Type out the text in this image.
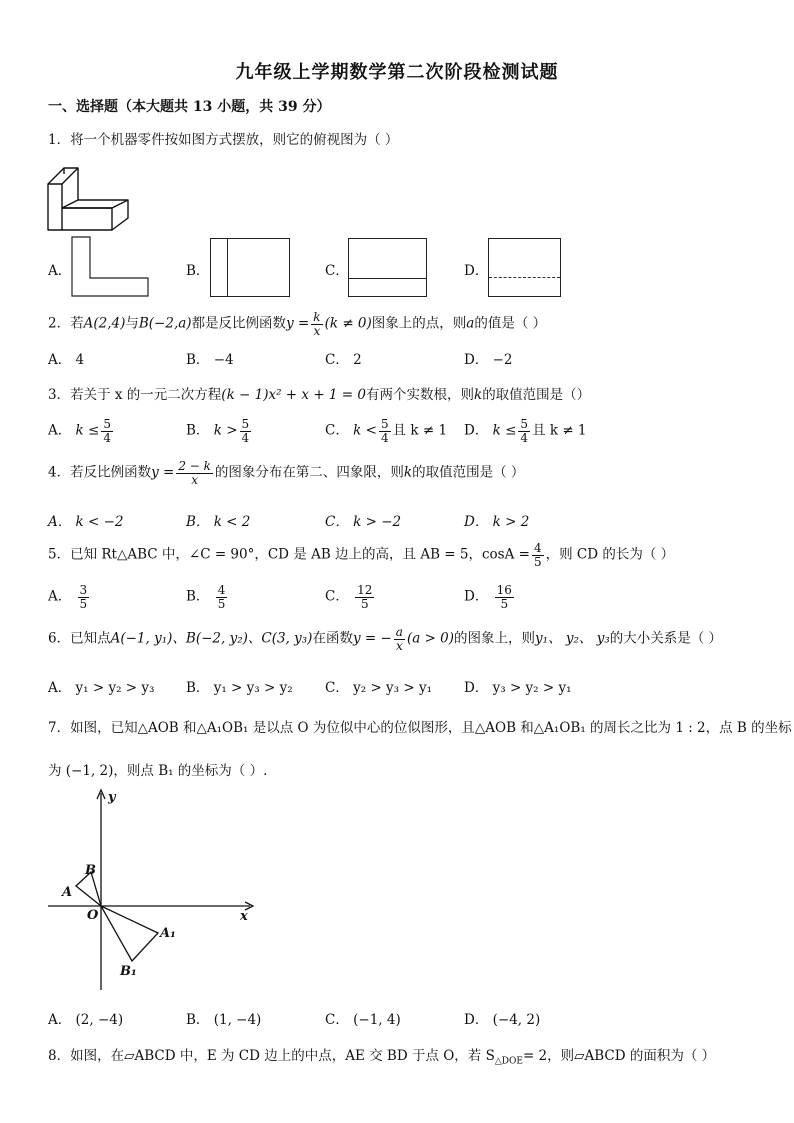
九年级上学期数学第二次阶段检测试题
一、选择题（本大题共 13 小题，共 39 分）
1．将一个机器零件按如图方式摆放，则它的俯视图为（ ）
A．	B．	C．	D．
2．若A(2,4)与B(−2,a)都是反比例函数$y = \frac{k}{x} (k \ne 0)$图象上的点，则a的值是（ ）
A． 4	B． −4	C． 2	D． −2
3．若关于 x 的一元二次方程(k − 1)x² + x + 1 = 0有两个实数根，则k的取值范围是（）
A． $k \le \frac{5}{4}$	B． $k > \frac{5}{4}$	C． $k < \frac{5}{4}$ 且 k ≠ 1 D． $k \le \frac{5}{4}$ 且 k ≠ 1
4．若反比例函数$y = \frac{2 - k}{x}$ 的图象分布在第二、四象限，则k的取值范围是（ ）
A． k < −2	B． k < 2	C． k > −2	D． k > 2
5．已知 Rt△ABC 中，∠C = 90°，CD 是 AB 边上的高，且 AB = 5，$\cos A = \frac{4}{5}$ ，则 CD 的长为（ ）
A． $\frac{3}{5}$	B． $\frac{4}{5}$	C． $\frac{12}{5}$	D． $\frac{16}{5}$
6．已知点A(−1, y₁)、B(−2, y₂)、C(3, y₃)在函数y = − $\frac{a}{x} (a > 0)$的图象上，则y₁、 y₂、 y₃的大小关系是（ ）
A． y₁ > y₂ > y₃ B． y₁ > y₃ > y₂ C． y₂ > y₃ > y₁ D． y₃ > y₂ > y₁
7．如图，已知△AOB 和△A₁OB₁ 是以点 O 为位似中心的位似图形，且△AOB 和△A₁OB₁ 的周长之比为 1 : 2，点 B 的坐标
为 (−1, 2)，则点 B₁ 的坐标为（ ）.
y
x
O
A
B
A₁
B₁
A． (2, −4)	B． (1, −4)	C． (−1, 4)	D． (−4, 2)
8．如图，在▱ABCD 中，E 为 CD 边上的中点，AE 交 BD 于点 O，若 $S_{\triangle DOE}= 2$，则▱ABCD 的面积为（ ）
